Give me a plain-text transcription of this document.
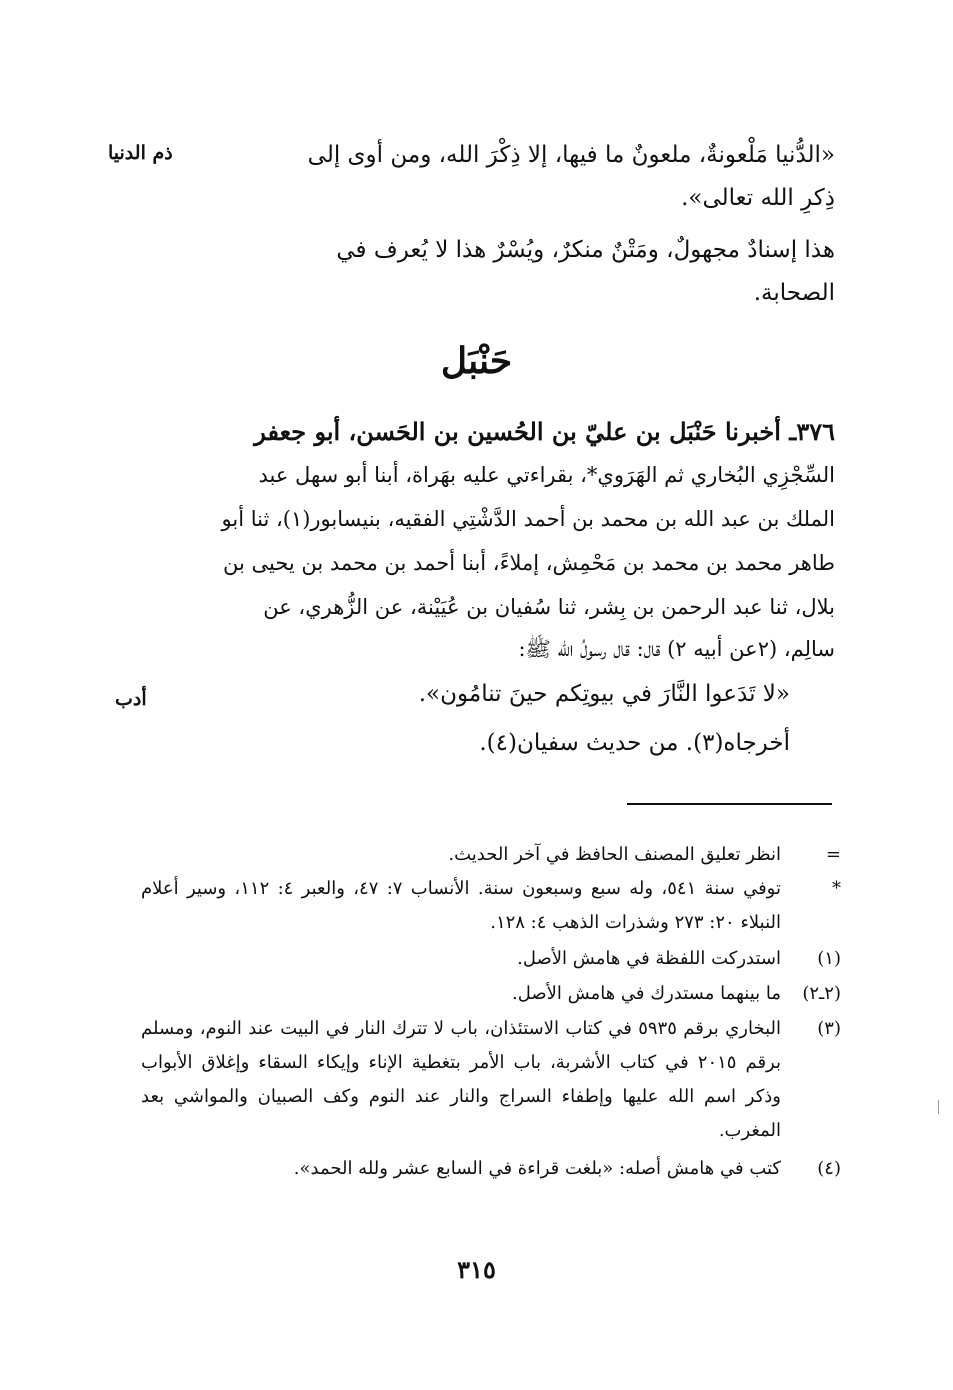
ذم الدنيا
أدب
«الدُّنيا مَلْعونةٌ، ملعونٌ ما فيها، إلا ذِكْرَ الله، ومن أوى إلى
ذِكرِ الله تعالى».
هذا إسنادٌ مجهولٌ، ومَتْنٌ منكرٌ، ويُسْرٌ هذا لا يُعرف في
الصحابة.
حَنْبَل
٣٧٦ـ أخبرنا حَنْبَل بن عليّ بن الحُسين بن الحَسن، أبو جعفر
السِّجْزِي البُخاري ثم الهَرَوي*، بقراءتي عليه بهَراة، أبنا أبو سهل عبد
الملك بن عبد الله بن محمد بن أحمد الدَّشْتِي الفقيه، بنيسابور(١)، ثنا أبو
طاهر محمد بن محمد بن مَحْمِش، إملاءً، أبنا أحمد بن محمد بن يحيى بن
بلال، ثنا عبد الرحمن بن بِشر، ثنا سُفيان بن عُيَيْنة، عن الزُّهري، عن
سالِم، (٢عن أبيه ٢) قال: قال رسولُ الله ﷺ:
«لا تَدَعوا النَّارَ في بيوتِكم حينَ تنامُون».
أخرجاه(٣). من حديث سفيان(٤).
=
انظر تعليق المصنف الحافظ في آخر الحديث.
*
توفي سنة ٥٤١، وله سبع وسبعون سنة. الأنساب ٧: ٤٧، والعبر ٤: ١١٢، وسير أعلام النبلاء ٢٠: ٢٧٣ وشذرات الذهب ٤: ١٢٨.
(١)
استدركت اللفظة في هامش الأصل.
(٢ـ٢)
ما بينهما مستدرك في هامش الأصل.
(٣)
البخاري برقم ٥٩٣٥ في كتاب الاستئذان، باب لا تترك النار في البيت عند النوم، ومسلم برقم ٢٠١٥ في كتاب الأشربة، باب الأمر بتغطية الإناء وإيكاء السقاء وإغلاق الأبواب وذكر اسم الله عليها وإطفاء السراج والنار عند النوم وكف الصبيان والمواشي بعد المغرب.
(٤)
كتب في هامش أصله: «بلغت قراءة في السابع عشر ولله الحمد».
٣١٥
